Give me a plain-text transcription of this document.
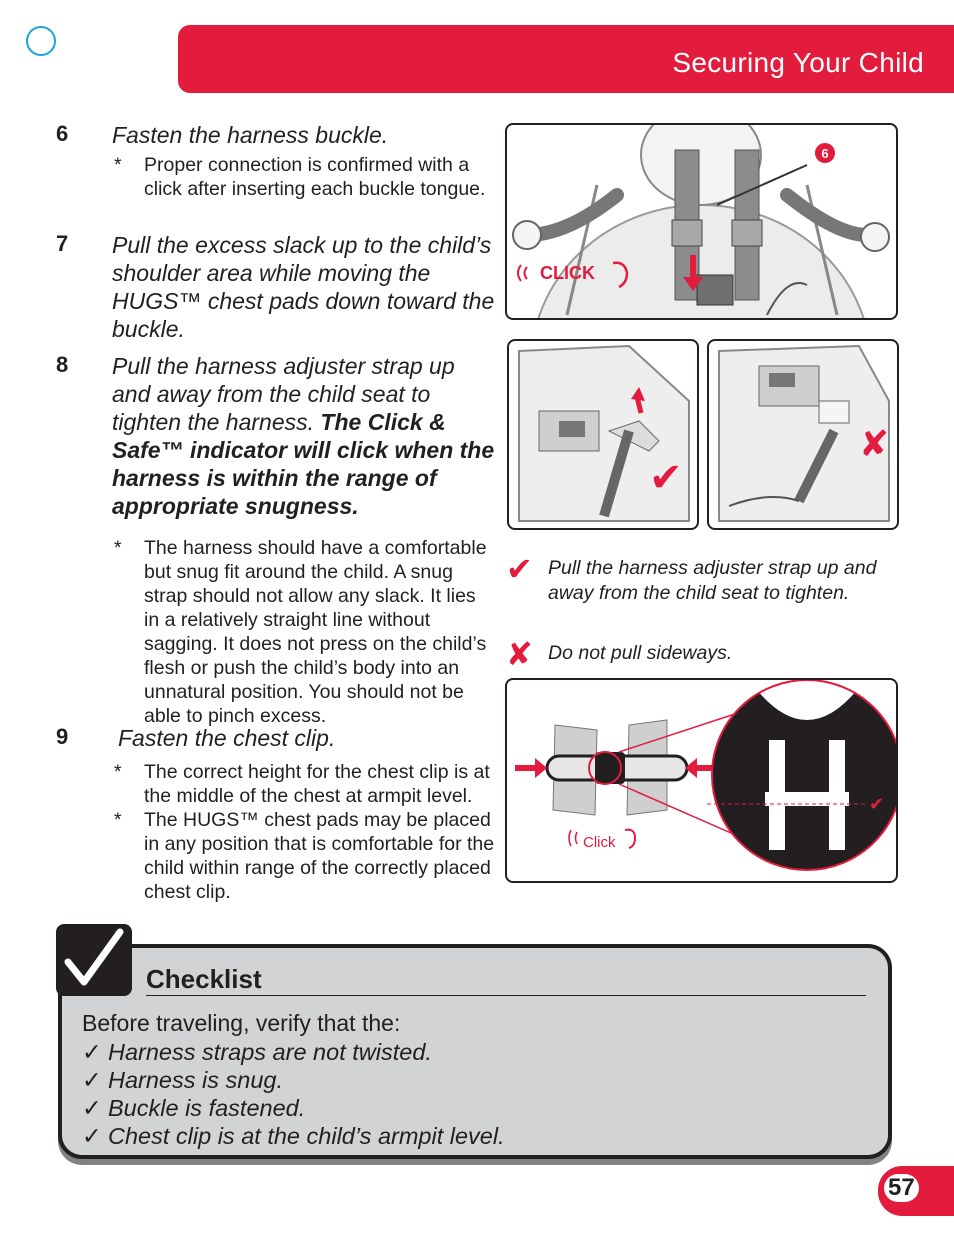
Securing Your Child
6 Fasten the harness buckle.
* Proper connection is confirmed with a click after inserting each buckle tongue.
7 Pull the excess slack up to the child’s shoulder area while moving the HUGS™ chest pads down toward the buckle.
8 Pull the harness adjuster strap up and away from the child seat to tighten the harness. The Click & Safe™ indicator will click when the harness is within the range of appropriate snugness.
* The harness should have a comfortable but snug fit around the child. A snug strap should not allow any slack. It lies in a relatively straight line without sagging. It does not press on the child’s flesh or push the child’s body into an unnatural position. You should not be able to pinch excess.
9 Fasten the chest clip.
* The correct height for the chest clip is at the middle of the chest at armpit level.
* The HUGS™ chest pads may be placed in any position that is comfortable for the child within range of the correctly placed chest clip.
6
CLICK
✔
✘
✔ Pull the harness adjuster strap up and away from the child seat to tighten.
✘ Do not pull sideways.
✔
Click
Checklist
Before traveling, verify that the:
✓ Harness straps are not twisted.
✓ Harness is snug.
✓ Buckle is fastened.
✓ Chest clip is at the child’s armpit level.
57
